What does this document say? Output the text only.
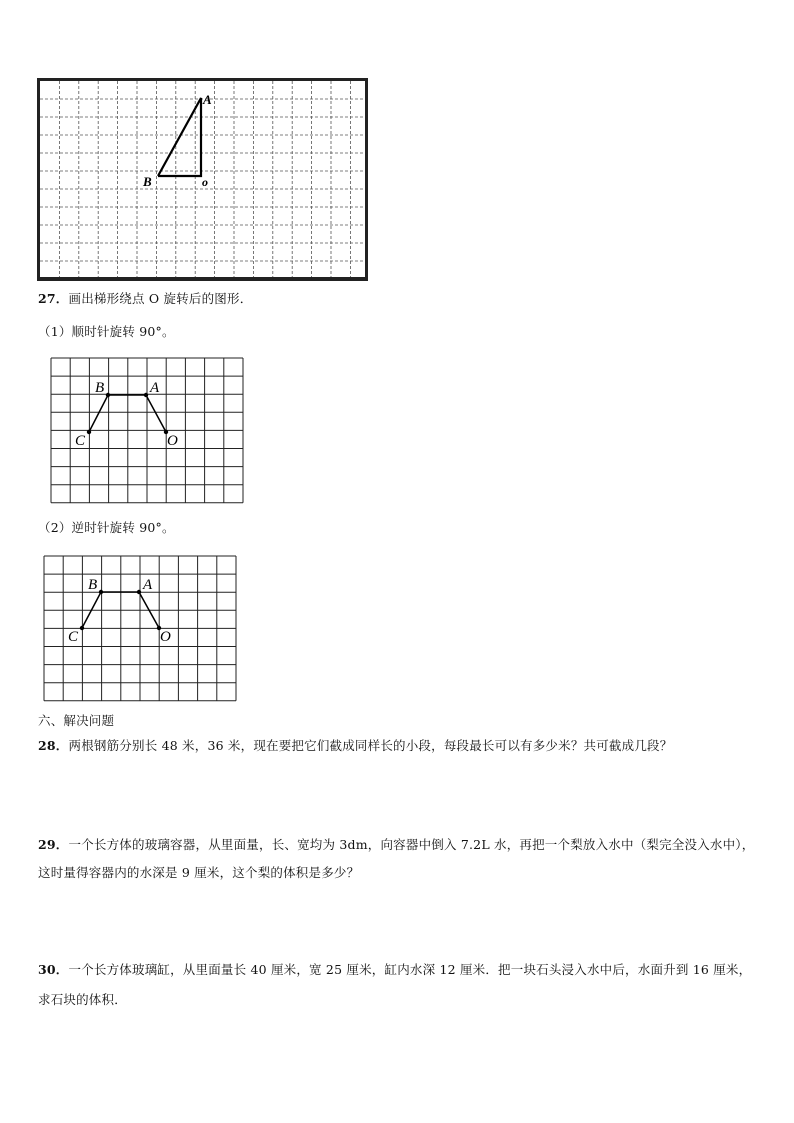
A
B	o
27．画出梯形绕点 O 旋转后的图形．
（1）顺时针旋转 90°。
B	A
C	O
（2）逆时针旋转 90°。
B	A
C	O
六、解决问题
28．两根钢筋分别长 48 米，36 米，现在要把它们截成同样长的小段，每段最长可以有多少米？共可截成几段？
29．一个长方体的玻璃容器，从里面量，长、宽均为 3dm，向容器中倒入 7.2L 水，再把一个梨放入水中（梨完全没入水中），这时量得容器内的水深是 9 厘米，这个梨的体积是多少？
30．一个长方体玻璃缸，从里面量长 40 厘米，宽 25 厘米，缸内水深 12 厘米．把一块石头浸入水中后，水面升到 16 厘米，求石块的体积．
